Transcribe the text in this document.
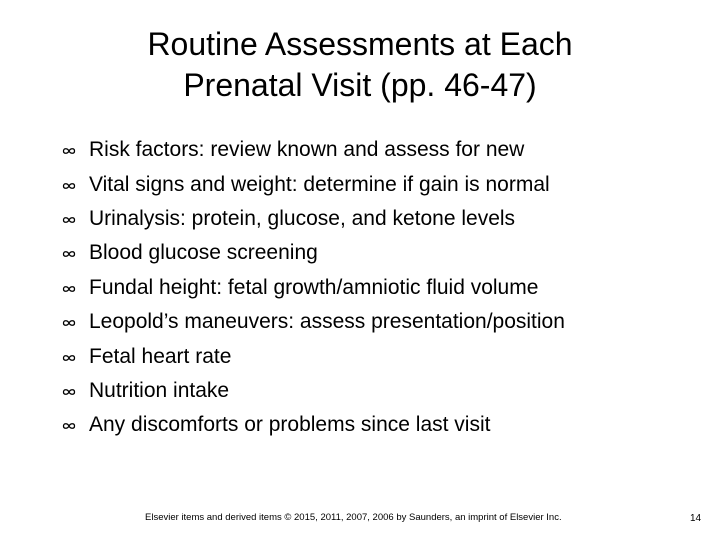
Routine Assessments at Each
Prenatal Visit (pp. 46-47)
Risk factors: review known and assess for new
Vital signs and weight: determine if gain is normal
Urinalysis: protein, glucose, and ketone levels
Blood glucose screening
Fundal height: fetal growth/amniotic fluid volume
Leopold’s maneuvers: assess presentation/position
Fetal heart rate
Nutrition intake
Any discomforts or problems since last visit
Elsevier items and derived items © 2015, 2011, 2007, 2006 by Saunders, an imprint of Elsevier Inc.	14
